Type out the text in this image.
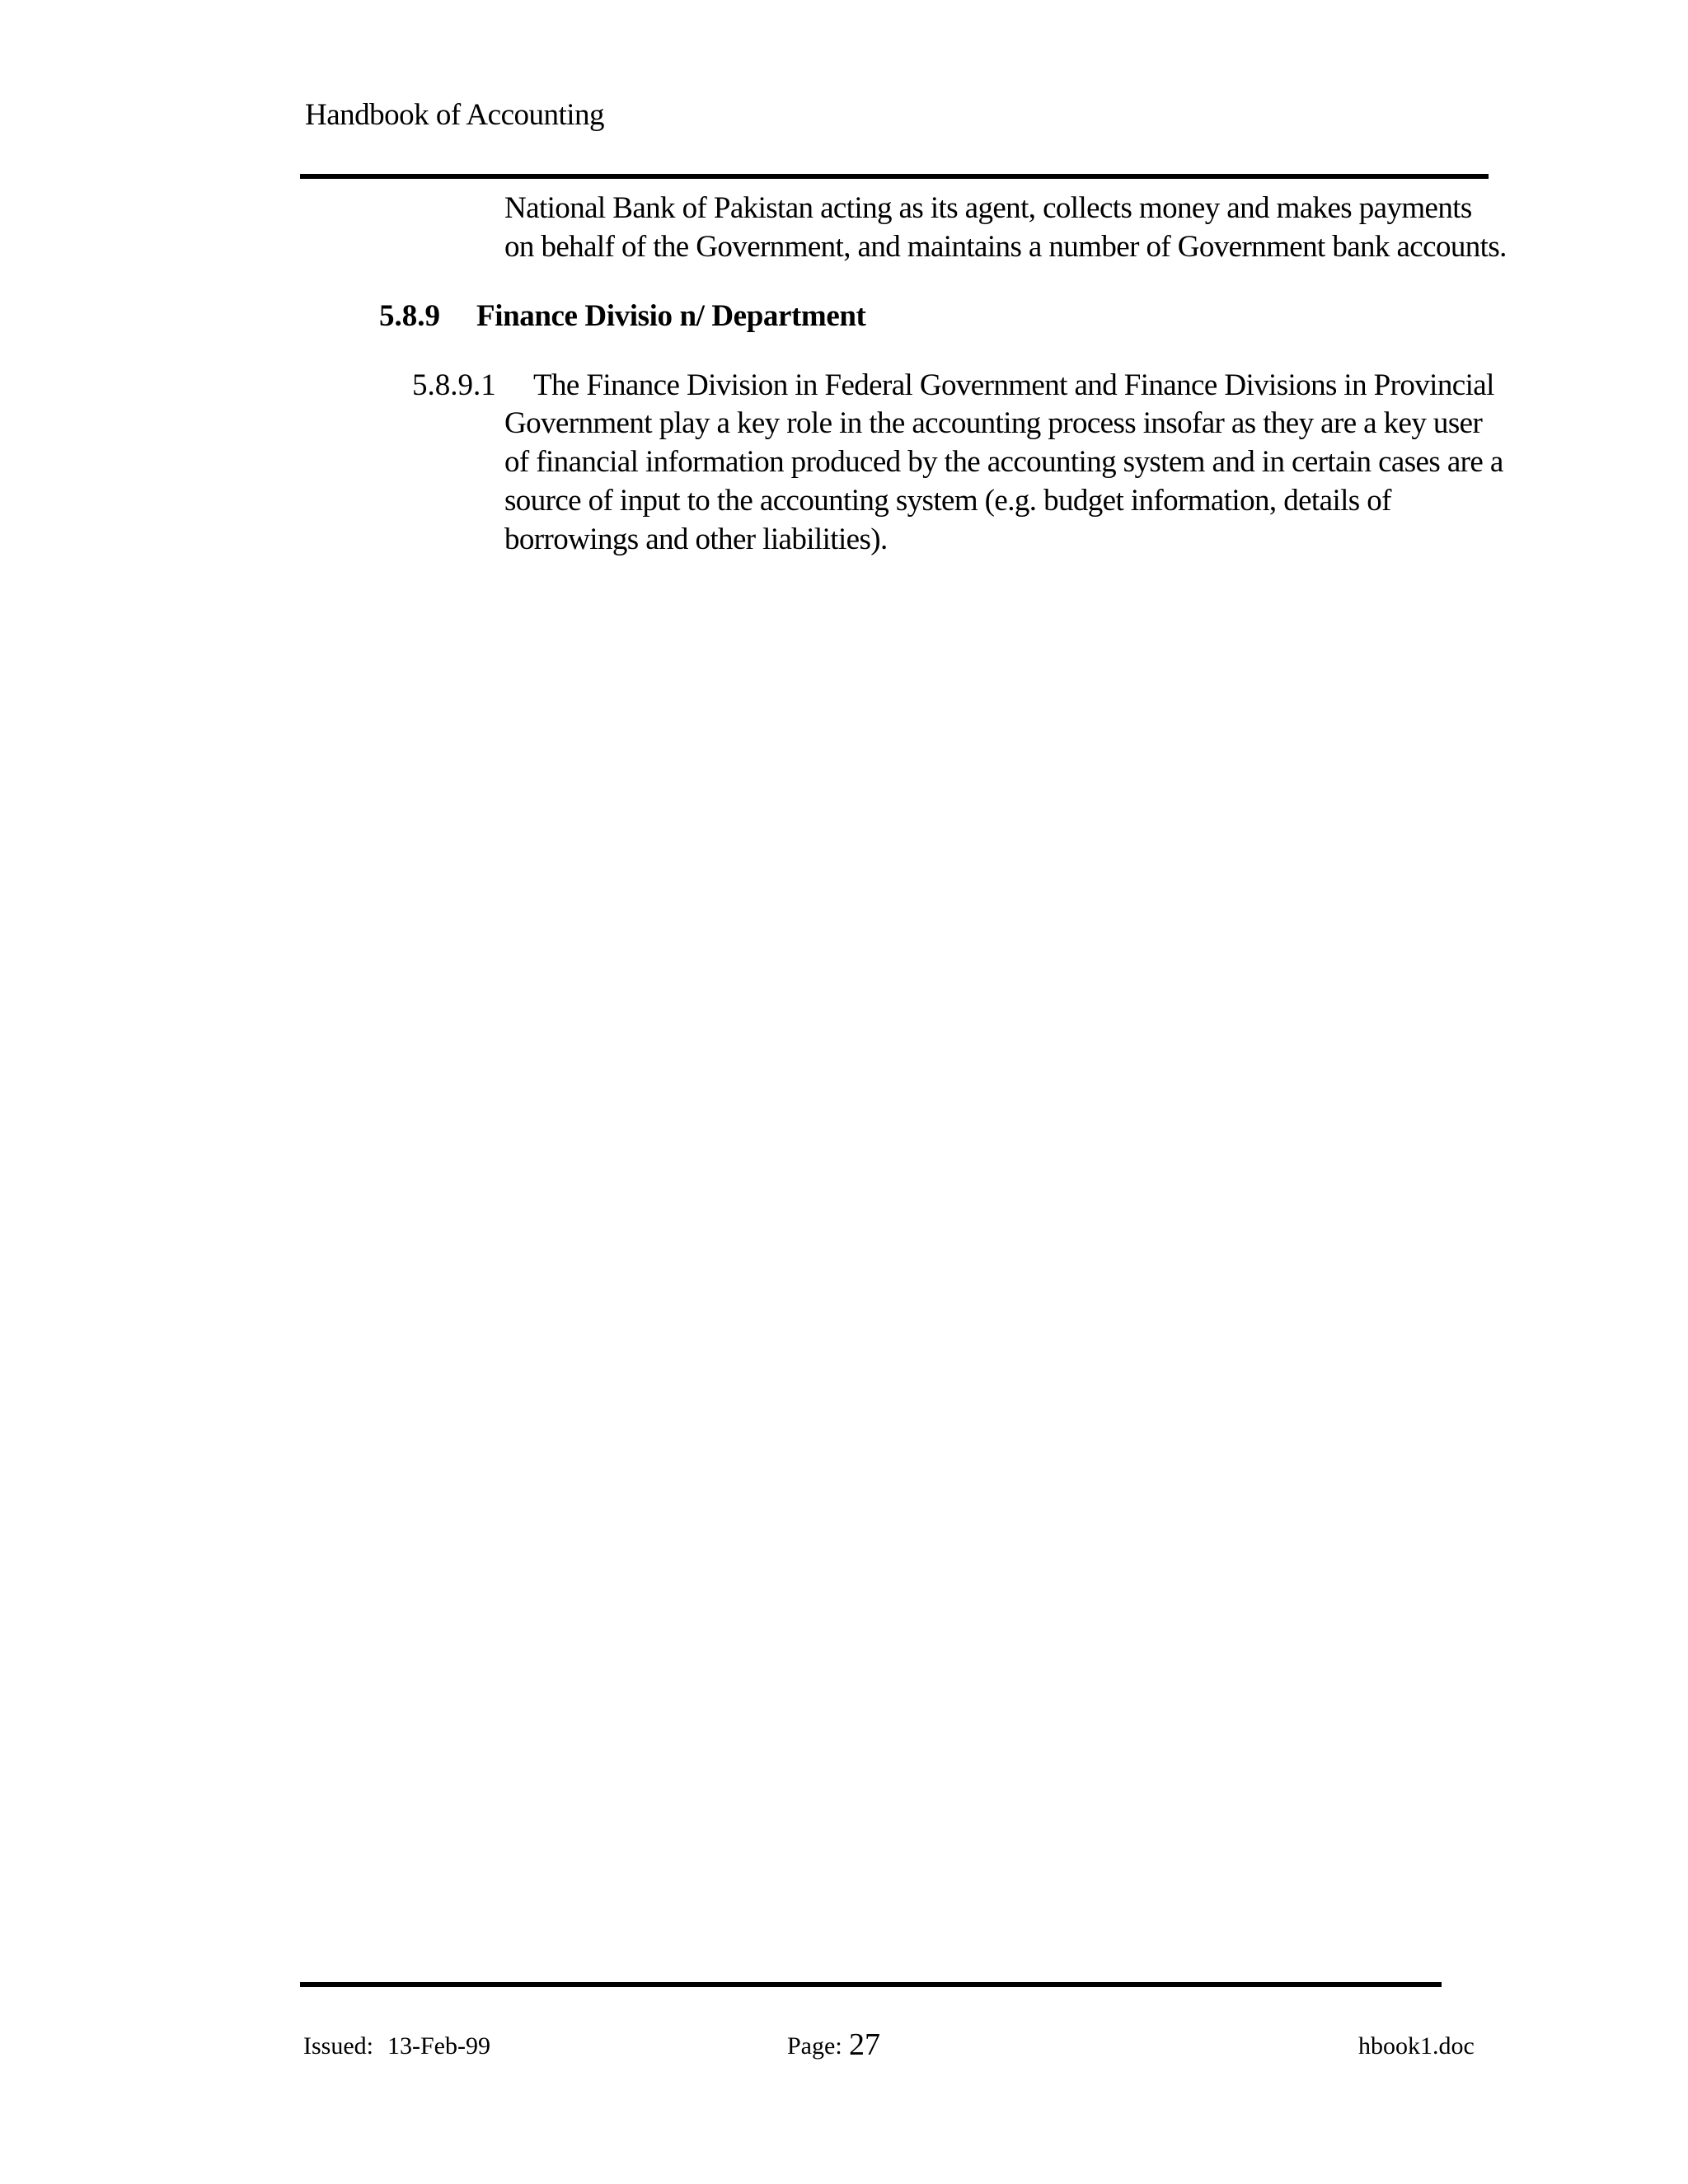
Handbook of Accounting
National Bank of Pakistan acting as its agent, collects money and makes payments
on behalf of the Government, and maintains a number of Government bank accounts.
5.8.9 Finance Divisio n/ Department
5.8.9.1 The Finance Division in Federal Government and Finance Divisions in Provincial
Government play a key role in the accounting process insofar as they are a key user
of financial information produced by the accounting system and in certain cases are a
source of input to the accounting system (e.g. budget information, details of
borrowings and other liabilities).
Issued: 13-Feb-99	Page: 27	hbook1.doc
